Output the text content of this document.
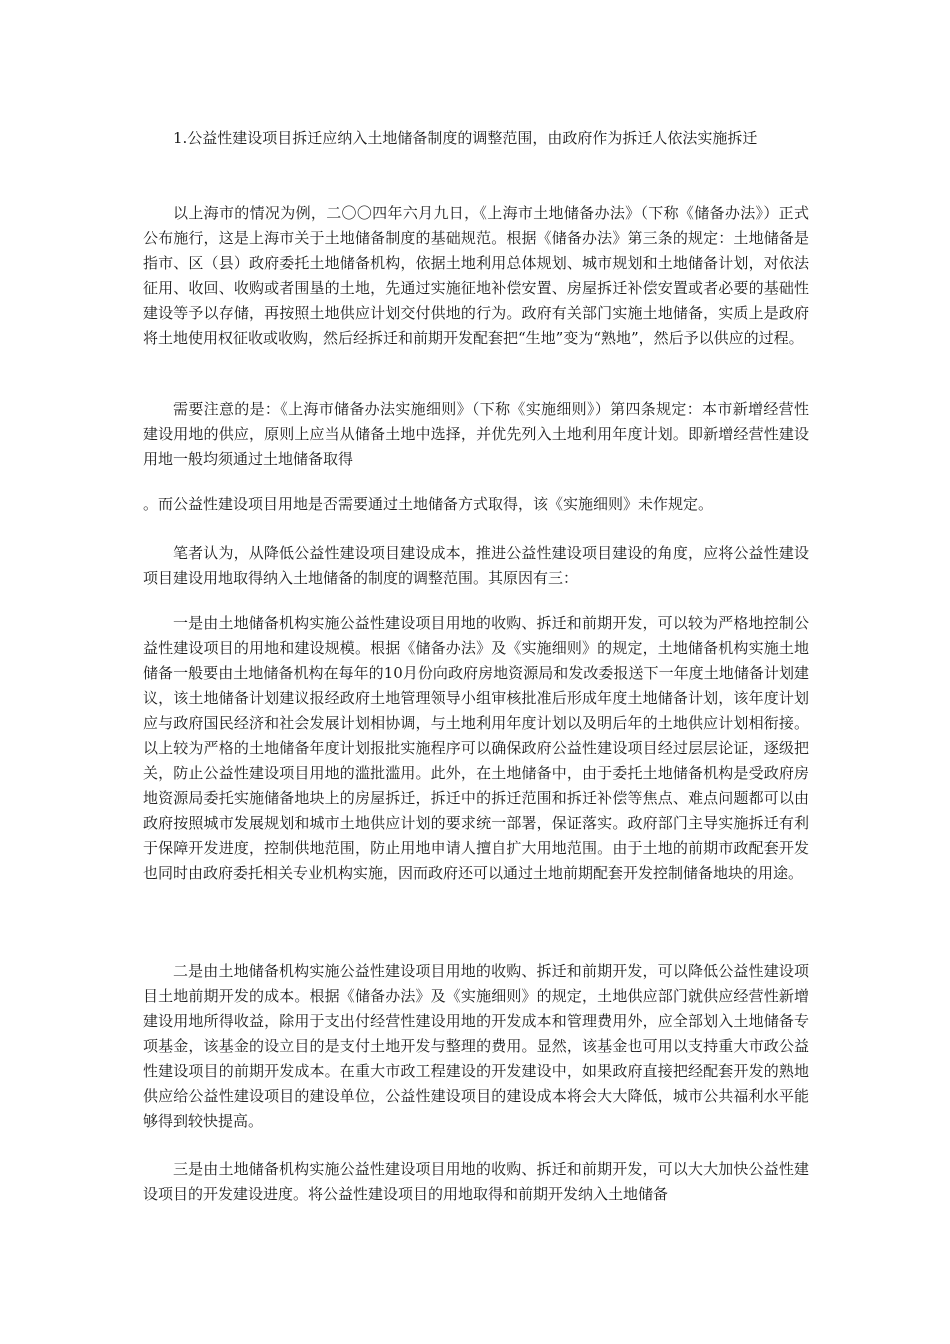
1.公益性建设项目拆迁应纳入土地储备制度的调整范围，由政府作为拆迁人依法实施拆迁

以上海市的情况为例，二〇〇四年六月九日，《上海市土地储备办法》（下称《储备办法》）正式公布施行，这是上海市关于土地储备制度的基础规范。根据《储备办法》第三条的规定：土地储备是指市、区（县）政府委托土地储备机构，依据土地利用总体规划、城市规划和土地储备计划，对依法征用、收回、收购或者围垦的土地，先通过实施征地补偿安置、房屋拆迁补偿安置或者必要的基础性建设等予以存储，再按照土地供应计划交付供地的行为。政府有关部门实施土地储备，实质上是政府将土地使用权征收或收购，然后经拆迁和前期开发配套把“生地”变为“熟地”，然后予以供应的过程。

需要注意的是：《上海市储备办法实施细则》（下称《实施细则》）第四条规定：本市新增经营性建设用地的供应，原则上应当从储备土地中选择，并优先列入土地利用年度计划。即新增经营性建设用地一般均须通过土地储备取得

。而公益性建设项目用地是否需要通过土地储备方式取得，该《实施细则》未作规定。

笔者认为，从降低公益性建设项目建设成本，推进公益性建设项目建设的角度，应将公益性建设项目建设用地取得纳入土地储备的制度的调整范围。其原因有三：

一是由土地储备机构实施公益性建设项目用地的收购、拆迁和前期开发，可以较为严格地控制公益性建设项目的用地和建设规模。根据《储备办法》及《实施细则》的规定，土地储备机构实施土地储备一般要由土地储备机构在每年的10月份向政府房地资源局和发改委报送下一年度土地储备计划建议，该土地储备计划建议报经政府土地管理领导小组审核批准后形成年度土地储备计划，该年度计划应与政府国民经济和社会发展计划相协调，与土地利用年度计划以及明后年的土地供应计划相衔接。以上较为严格的土地储备年度计划报批实施程序可以确保政府公益性建设项目经过层层论证，逐级把关，防止公益性建设项目用地的滥批滥用。此外，在土地储备中，由于委托土地储备机构是受政府房地资源局委托实施储备地块上的房屋拆迁，拆迁中的拆迁范围和拆迁补偿等焦点、难点问题都可以由政府按照城市发展规划和城市土地供应计划的要求统一部署，保证落实。政府部门主导实施拆迁有利于保障开发进度，控制供地范围，防止用地申请人擅自扩大用地范围。由于土地的前期市政配套开发也同时由政府委托相关专业机构实施，因而政府还可以通过土地前期配套开发控制储备地块的用途。

二是由土地储备机构实施公益性建设项目用地的收购、拆迁和前期开发，可以降低公益性建设项目土地前期开发的成本。根据《储备办法》及《实施细则》的规定，土地供应部门就供应经营性新增建设用地所得收益，除用于支出付经营性建设用地的开发成本和管理费用外，应全部划入土地储备专项基金，该基金的设立目的是支付土地开发与整理的费用。显然，该基金也可用以支持重大市政公益性建设项目的前期开发成本。在重大市政工程建设的开发建设中，如果政府直接把经配套开发的熟地供应给公益性建设项目的建设单位，公益性建设项目的建设成本将会大大降低，城市公共福利水平能够得到较快提高。

三是由土地储备机构实施公益性建设项目用地的收购、拆迁和前期开发，可以大大加快公益性建设项目的开发建设进度。将公益性建设项目的用地取得和前期开发纳入土地储备
